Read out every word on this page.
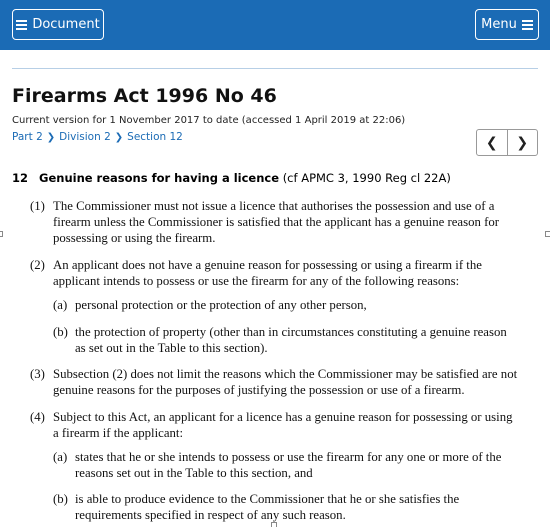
Document	Menu
Firearms Act 1996 No 46
Current version for 1 November 2017 to date (accessed 1 April 2019 at 22:06)
Part 2 ❯ Division 2 ❯ Section 12	❮ ❯
12 Genuine reasons for having a licence (cf APMC 3, 1990 Reg cl 22A)
(1) The Commissioner must not issue a licence that authorises the possession and use of a
firearm unless the Commissioner is satisfied that the applicant has a genuine reason for
possessing or using the firearm.
(2) An applicant does not have a genuine reason for possessing or using a firearm if the
applicant intends to possess or use the firearm for any of the following reasons:
(a) personal protection or the protection of any other person,
(b) the protection of property (other than in circumstances constituting a genuine reason
as set out in the Table to this section).
(3) Subsection (2) does not limit the reasons which the Commissioner may be satisfied are not
genuine reasons for the purposes of justifying the possession or use of a firearm.
(4) Subject to this Act, an applicant for a licence has a genuine reason for possessing or using
a firearm if the applicant:
(a) states that he or she intends to possess or use the firearm for any one or more of the
reasons set out in the Table to this section, and
(b) is able to produce evidence to the Commissioner that he or she satisfies the
requirements specified in respect of any such reason.
